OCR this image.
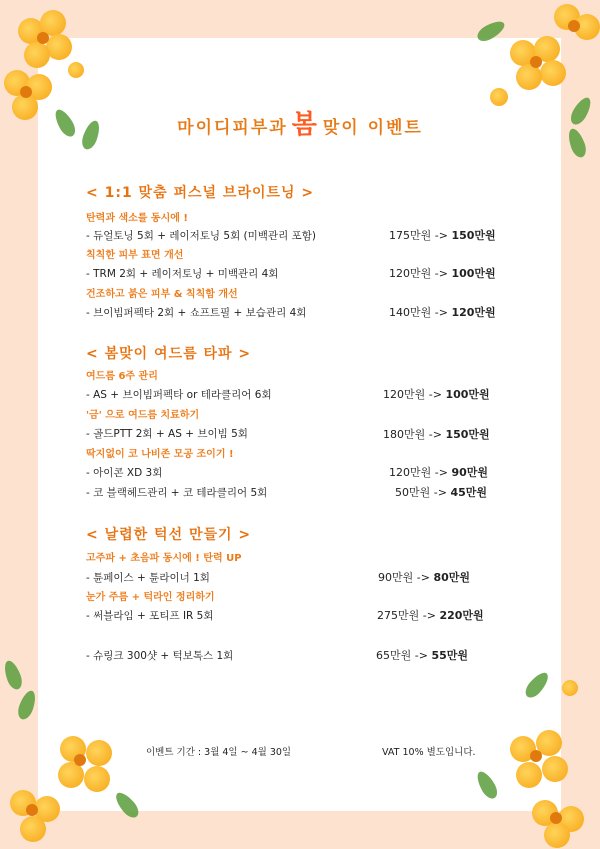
마이디피부과 봄 맞이 이벤트
< 1:1 맞춤 퍼스널 브라이트닝 >
탄력과 색소를 동시에 !
- 듀얼토닝 5회 + 레이저토닝 5회 (미백관리 포함)	175만원 -> 150만원
칙칙한 피부 표면 개선
- TRM 2회 + 레이저토닝 + 미백관리 4회	120만원 -> 100만원
건조하고 붉은 피부 & 칙칙함 개선
- 브이빔퍼펙타 2회 + 쇼프트필 + 보습관리 4회	140만원 -> 120만원
< 봄맞이 여드름 타파 >
여드름 6주 관리
- AS + 브이빔퍼펙타 or 테라클리어 6회	120만원 -> 100만원
'금' 으로 여드름 치료하기
- 골드PTT 2회 + AS + 브이빔 5회	180만원 -> 150만원
딱지없이 코 나비존 모공 조이기 !
- 아이콘 XD 3회	120만원 -> 90만원
- 코 블랙헤드관리 + 코 테라클리어 5회	50만원 -> 45만원
< 날렵한 턱선 만들기 >
고주파 + 초음파 동시에 ! 탄력 UP
- 튠페이스 + 튠라이너 1회	90만원 -> 80만원
눈가 주름 + 턱라인 정리하기
- 써블라임 + 포티프 IR 5회	275만원 -> 220만원
- 슈링크 300샷 + 턱보톡스 1회	65만원 -> 55만원
이벤트 기간 : 3월 4일 ~ 4월 30일	VAT 10% 별도입니다.
